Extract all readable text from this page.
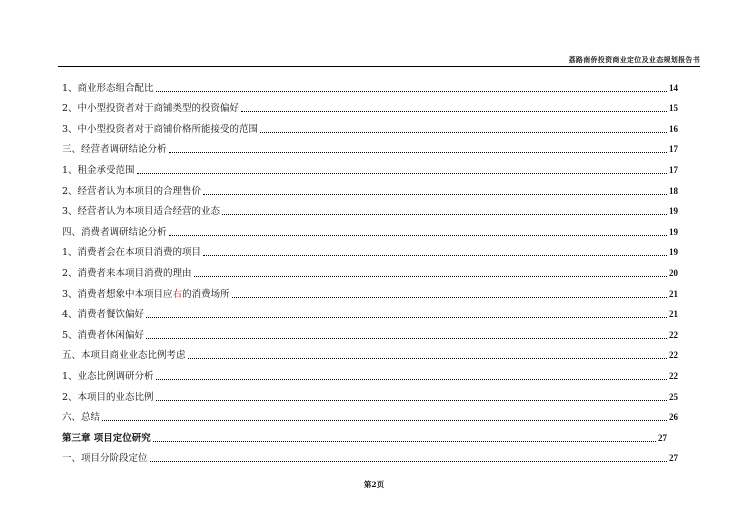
荔路南侨投资商业定位及业态规划报告书
1、商业形态组合配比	14
2、中小型投资者对于商铺类型的投资偏好	15
3、中小型投资者对于商铺价格所能接受的范围	16
三、经营者调研结论分析	17
1、租金承受范围	17
2、经营者认为本项目的合理售价	18
3、经营者认为本项目适合经营的业态	19
四、消费者调研结论分析	19
1、消费者会在本项目消费的项目	19
2、消费者来本项目消费的理由	20
3、消费者想象中本项目应右的消费场所	21
4、消费者餐饮偏好	21
5、消费者休闲偏好	22
五、本项目商业业态比例考虑	22
1、业态比例调研分析	22
2、本项目的业态比例	25
六、总结	26
第三章 项目定位研究	27
一、项目分阶段定位	27
第2页
